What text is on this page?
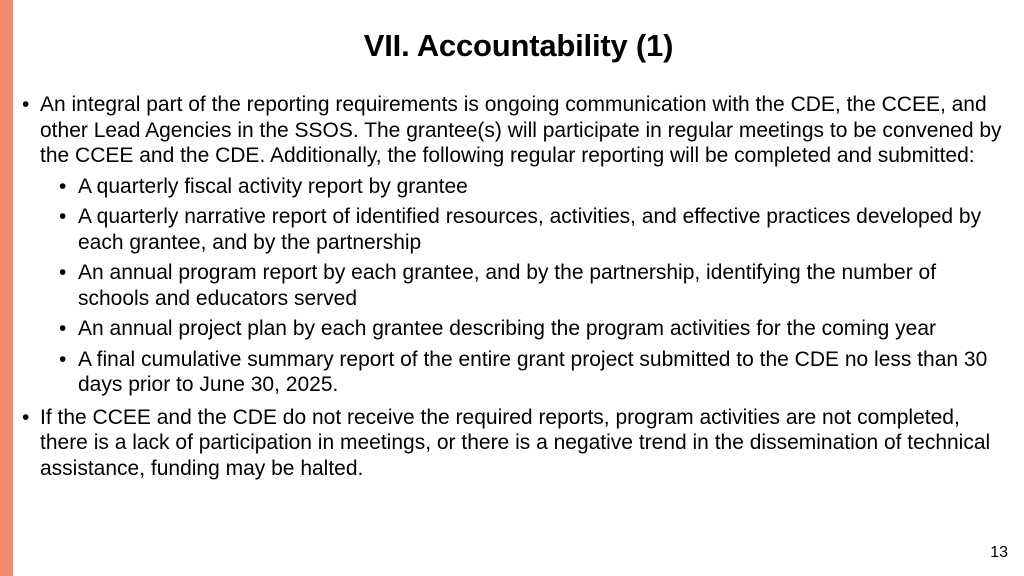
VII. Accountability (1)
• An integral part of the reporting requirements is ongoing communication with the CDE, the CCEE, and other Lead Agencies in the SSOS. The grantee(s) will participate in regular meetings to be convened by the CCEE and the CDE. Additionally, the following regular reporting will be completed and submitted:
• A quarterly fiscal activity report by grantee
• A quarterly narrative report of identified resources, activities, and effective practices developed by each grantee, and by the partnership
• An annual program report by each grantee, and by the partnership, identifying the number of schools and educators served
• An annual project plan by each grantee describing the program activities for the coming year
• A final cumulative summary report of the entire grant project submitted to the CDE no less than 30 days prior to June 30, 2025.
• If the CCEE and the CDE do not receive the required reports, program activities are not completed, there is a lack of participation in meetings, or there is a negative trend in the dissemination of technical assistance, funding may be halted.
13
